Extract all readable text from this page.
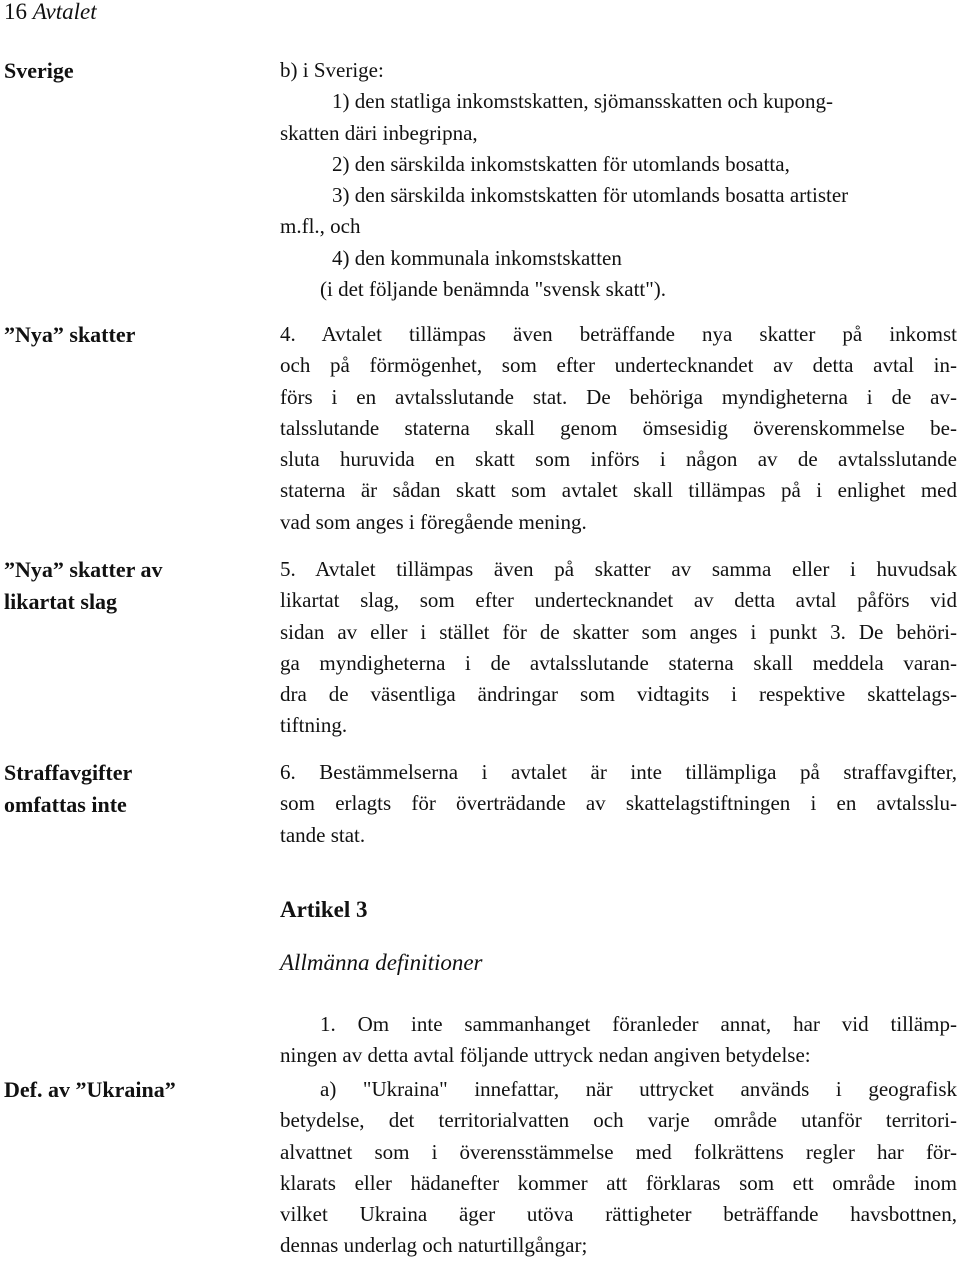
16 Avtalet
Sverige
”Nya” skatter
”Nya” skatter av
likartat slag
Straffavgifter
omfattas inte
Def. av ”Ukraina”
b) i Sverige:
1) den statliga inkomstskatten, sjömansskatten och kupong-
skatten däri inbegripna,
2) den särskilda inkomstskatten för utomlands bosatta,
3) den särskilda inkomstskatten för utomlands bosatta artister
m.fl., och
4) den kommunala inkomstskatten
(i det följande benämnda "svensk skatt").
4. Avtalet tillämpas även beträffande nya skatter på inkomst
och på förmögenhet, som efter undertecknandet av detta avtal in-
förs i en avtalsslutande stat. De behöriga myndigheterna i de av-
talsslutande staterna skall genom ömsesidig överenskommelse be-
sluta huruvida en skatt som införs i någon av de avtalsslutande
staterna är sådan skatt som avtalet skall tillämpas på i enlighet med
vad som anges i föregående mening.
5. Avtalet tillämpas även på skatter av samma eller i huvudsak
likartat slag, som efter undertecknandet av detta avtal påförs vid
sidan av eller i stället för de skatter som anges i punkt 3. De behöri-
ga myndigheterna i de avtalsslutande staterna skall meddela varan-
dra de väsentliga ändringar som vidtagits i respektive skattelags-
tiftning.
6. Bestämmelserna i avtalet är inte tillämpliga på straffavgifter,
som erlagts för överträdande av skattelagstiftningen i en avtalsslu-
tande stat.
Artikel 3
Allmänna definitioner
1. Om inte sammanhanget föranleder annat, har vid tillämp-
ningen av detta avtal följande uttryck nedan angiven betydelse:
a) "Ukraina" innefattar, när uttrycket används i geografisk
betydelse, det territorialvatten och varje område utanför territori-
alvattnet som i överensstämmelse med folkrättens regler har för-
klarats eller hädanefter kommer att förklaras som ett område inom
vilket Ukraina äger utöva rättigheter beträffande havsbottnen,
dennas underlag och naturtillgångar;
